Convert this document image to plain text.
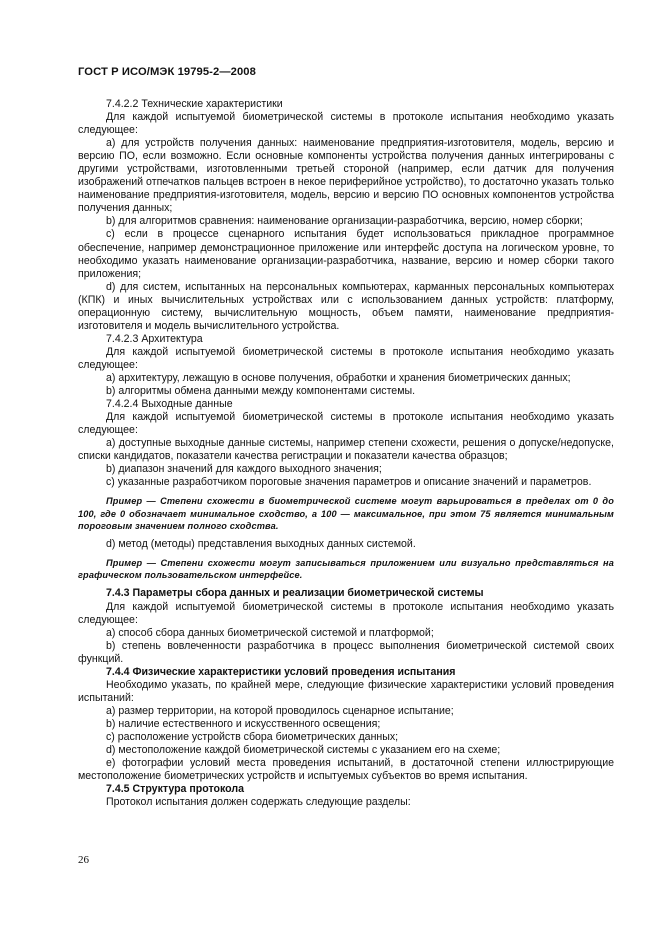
ГОСТ Р ИСО/МЭК 19795-2—2008

7.4.2.2 Технические характеристики

Для каждой испытуемой биометрической системы в протоколе испытания необходимо указать следующее:

a) для устройств получения данных: наименование предприятия-изготовителя, модель, версию и версию ПО, если возможно. Если основные компоненты устройства получения данных интегрированы с другими устройствами, изготовленными третьей стороной (например, если датчик для получения изображений отпечатков пальцев встроен в некое периферийное устройство), то достаточно указать только наименование предприятия-изготовителя, модель, версию и версию ПО основных компонентов устройства получения данных;

b) для алгоритмов сравнения: наименование организации-разработчика, версию, номер сборки;

c) если в процессе сценарного испытания будет использоваться прикладное программное обеспечение, например демонстрационное приложение или интерфейс доступа на логическом уровне, то необходимо указать наименование организации-разработчика, название, версию и номер сборки такого приложения;

d) для систем, испытанных на персональных компьютерах, карманных персональных компьютерах (КПК) и иных вычислительных устройствах или с использованием данных устройств: платформу, операционную систему, вычислительную мощность, объем памяти, наименование предприятия-изготовителя и модель вычислительного устройства.

7.4.2.3 Архитектура

Для каждой испытуемой биометрической системы в протоколе испытания необходимо указать следующее:

a) архитектуру, лежащую в основе получения, обработки и хранения биометрических данных;

b) алгоритмы обмена данными между компонентами системы.

7.4.2.4 Выходные данные

Для каждой испытуемой биометрической системы в протоколе испытания необходимо указать следующее:

a) доступные выходные данные системы, например степени схожести, решения о допуске/недопуске, списки кандидатов, показатели качества регистрации и показатели качества образцов;

b) диапазон значений для каждого выходного значения;

c) указанные разработчиком пороговые значения параметров и описание значений и параметров.

Пример — Степени схожести в биометрической системе могут варьироваться в пределах от 0 до 100, где 0 обозначает минимальное сходство, а 100 — максимальное, при этом 75 является минимальным пороговым значением полного сходства.

d) метод (методы) представления выходных данных системой.

Пример — Степени схожести могут записываться приложением или визуально представляться на графическом пользовательском интерфейсе.

7.4.3 Параметры сбора данных и реализации биометрической системы

Для каждой испытуемой биометрической системы в протоколе испытания необходимо указать следующее:

a) способ сбора данных биометрической системой и платформой;

b) степень вовлеченности разработчика в процесс выполнения биометрической системой своих функций.

7.4.4 Физические характеристики условий проведения испытания

Необходимо указать, по крайней мере, следующие физические характеристики условий проведения испытаний:

a) размер территории, на которой проводилось сценарное испытание;

b) наличие естественного и искусственного освещения;

c) расположение устройств сбора биометрических данных;

d) местоположение каждой биометрической системы с указанием его на схеме;

e) фотографии условий места проведения испытаний, в достаточной степени иллюстрирующие местоположение биометрических устройств и испытуемых субъектов во время испытания.

7.4.5 Структура протокола

Протокол испытания должен содержать следующие разделы:

26
